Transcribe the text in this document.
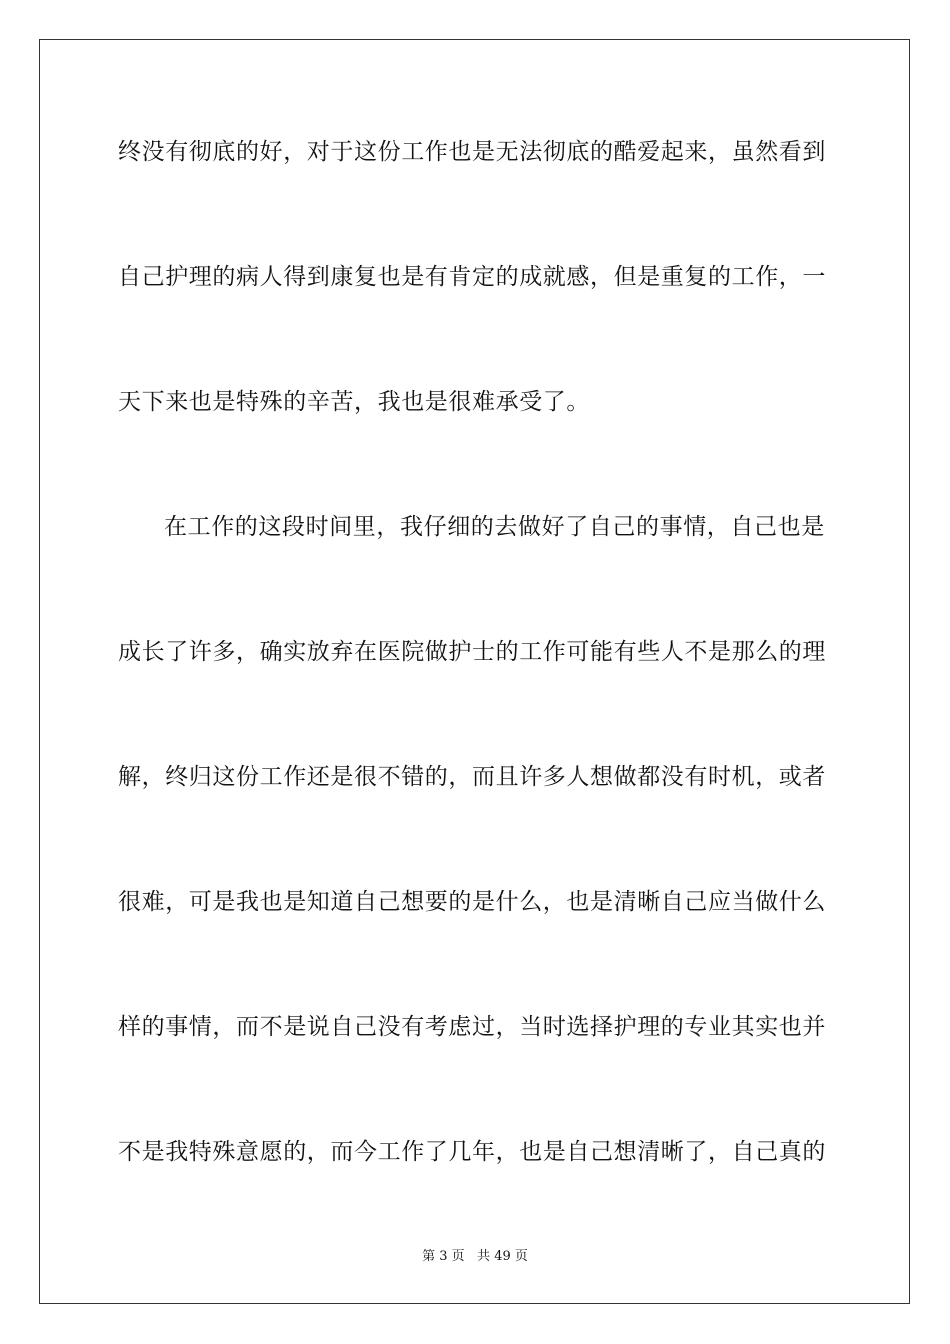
终没有彻底的好，对于这份工作也是无法彻底的酷爱起来，虽然看到
自己护理的病人得到康复也是有肯定的成就感，但是重复的工作，一
天下来也是特殊的辛苦，我也是很难承受了。
在工作的这段时间里，我仔细的去做好了自己的事情，自己也是
成长了许多，确实放弃在医院做护士的工作可能有些人不是那么的理
解，终归这份工作还是很不错的，而且许多人想做都没有时机，或者
很难，可是我也是知道自己想要的是什么，也是清晰自己应当做什么
样的事情，而不是说自己没有考虑过，当时选择护理的专业其实也并
不是我特殊意愿的，而今工作了几年，也是自己想清晰了，自己真的
第 3 页   共 49 页
